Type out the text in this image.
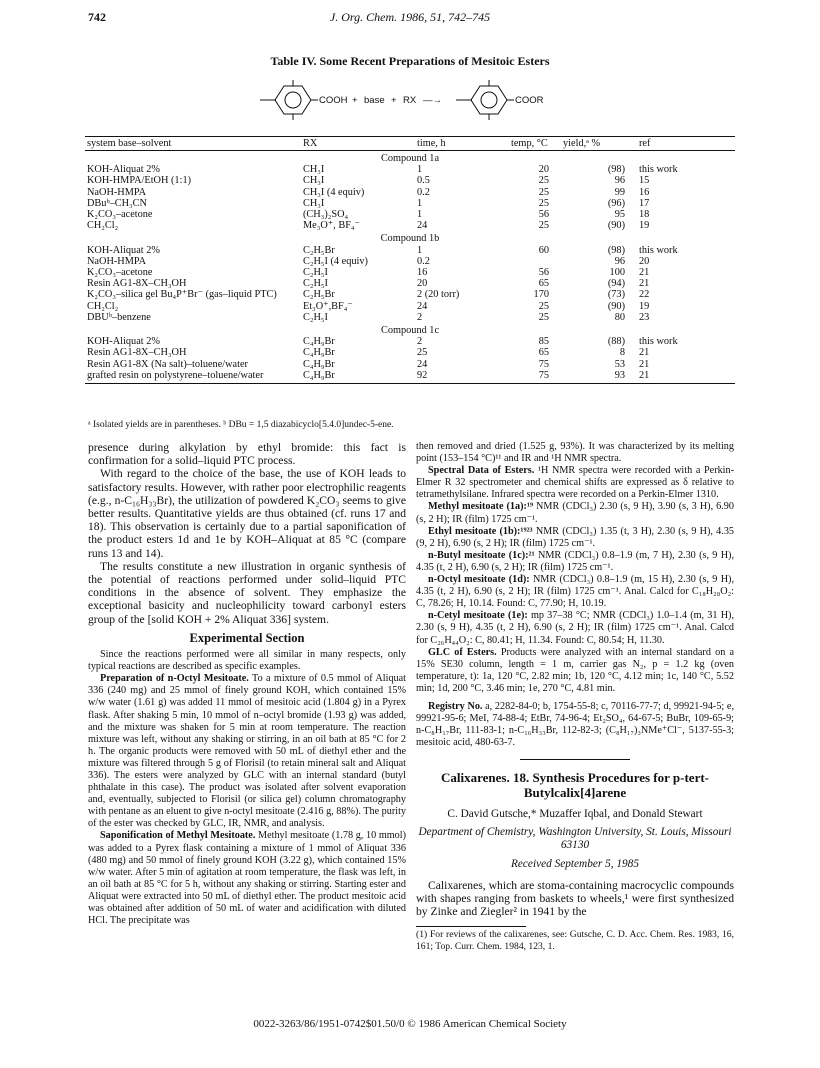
742	J. Org. Chem. 1986, 51, 742–745
Table IV. Some Recent Preparations of Mesitoic Esters
COOH + base + RX —→	COOR
system base–solvent	RX	time, h	temp, °C	yield,ᵃ %	ref
Compound 1a					
KOH-Aliquat 2%	CH₃I	1	20	(98)	this work
KOH-HMPA/EtOH (1:1)	CH₃I	0.5	25	96	15
NaOH-HMPA	CH₃I (4 equiv)	0.2	25	99	16
DBuᵇ–CH₃CN	CH₃I	1	25	(96)	17
K₂CO₃–acetone	(CH₃)₂SO₄	1	56	95	18
CH₂Cl₂	Me₃O⁺, BF₄⁻	24	25	(90)	19
Compound 1b					
KOH-Aliquat 2%	C₂H₅Br	1	60	(98)	this work
NaOH-HMPA	C₂H₅I (4 equiv)	0.2		96	20
K₂CO₃–acetone	C₂H₅I	16	56	100	21
Resin AG1-8X–CH₃OH	C₂H₅I	20	65	(94)	21
K₂CO₃–silica gel Bu₄P⁺Br⁻ (gas–liquid PTC)	C₂H₅Br	2 (20 torr)	170	(73)	22
CH₂Cl₂	Et₃O⁺,BF₄⁻	24	25	(90)	19
DBUᵇ–benzene	C₂H₅I	2	25	80	23
Compound 1c					
KOH-Aliquat 2%	C₄H₉Br	2	85	(88)	this work
Resin AG1-8X–CH₃OH	C₄H₉Br	25	65	8	21
Resin AG1-8X (Na salt)–toluene/water	C₄H₉Br	24	75	53	21
grafted resin on polystyrene–toluene/water	C₄H₉Br	92	75	93	21
ᵃ Isolated yields are in parentheses. ᵇ DBu = 1,5 diazabicyclo[5.4.0]undec-5-ene.

presence during alkylation by ethyl bromide: this fact is confirmation for a solid–liquid PTC process.

With regard to the choice of the base, the use of KOH leads to satisfactory results. However, with rather poor electrophilic reagents (e.g., n-C₁₆H₃₃Br), the utilization of powdered K₂CO₃ seems to give better results. Quantitative yields are thus obtained (cf. runs 17 and 18). This observation is certainly due to a partial saponification of the product esters 1d and 1e by KOH–Aliquat at 85 °C (compare runs 13 and 14).

The results constitute a new illustration in organic synthesis of the potential of reactions performed under solid–liquid PTC conditions in the absence of solvent. They emphasize the exceptional basicity and nucleophilicity toward carbonyl esters group of the [solid KOH + 2% Aliquat 336] system.

Experimental Section

Since the reactions performed were all similar in many respects, only typical reactions are described as specific examples.

Preparation of n-Octyl Mesitoate. To a mixture of 0.5 mmol of Aliquat 336 (240 mg) and 25 mmol of finely ground KOH, which contained 15% w/w water (1.61 g) was added 11 mmol of mesitoic acid (1.804 g) in a Pyrex flask. After shaking 5 min, 10 mmol of n–octyl bromide (1.93 g) was added, and the mixture was shaken for 5 min at room temperature. The reaction mixture was left, without any shaking or stirring, in an oil bath at 85 °C for 2 h. The organic products were removed with 50 mL of diethyl ether and the mixture was filtered through 5 g of Florisil (to retain mineral salt and Aliquat 336). The esters were analyzed by GLC with an internal standard (butyl phthalate in this case). The product was isolated after solvent evaporation and, eventually, subjected to Florisil (or silica gel) column chromatography with pentane as an eluent to give n-octyl mesitoate (2.416 g, 88%). The purity of the ester was checked by GLC, IR, NMR, and analysis.

Saponification of Methyl Mesitoate. Methyl mesitoate (1.78 g, 10 mmol) was added to a Pyrex flask containing a mixture of 1 mmol of Aliquat 336 (480 mg) and 50 mmol of finely ground KOH (3.22 g), which contained 15% w/w water. After 5 min of agitation at room temperature, the flask was left, in an oil bath at 85 °C for 5 h, without any shaking or stirring. Starting ester and Aliquat were extracted into 50 mL of diethyl ether. The product mesitoic acid was obtained after addition of 50 mL of water and acidification with diluted HCl. The precipitate was

then removed and dried (1.525 g, 93%). It was characterized by its melting point (153–154 °C)¹¹ and IR and ¹H NMR spectra.

Spectral Data of Esters. ¹H NMR spectra were recorded with a Perkin-Elmer R 32 spectrometer and chemical shifts are expressed as δ relative to tetramethylsilane. Infrared spectra were recorded on a Perkin-Elmer 1310.

Methyl mesitoate (1a):¹⁹ NMR (CDCl₃) 2.30 (s, 9 H), 3.90 (s, 3 H), 6.90 (s, 2 H); IR (film) 1725 cm⁻¹.

Ethyl mesitoate (1b):¹⁹²³ NMR (CDCl₃) 1.35 (t, 3 H), 2.30 (s, 9 H), 4.35 (9, 2 H), 6.90 (s, 2 H); IR (film) 1725 cm⁻¹.

n-Butyl mesitoate (1c):²¹ NMR (CDCl₃) 0.8–1.9 (m, 7 H), 2.30 (s, 9 H), 4.35 (t, 2 H), 6.90 (s, 2 H); IR (film) 1725 cm⁻¹.

n-Octyl mesitoate (1d): NMR (CDCl₃) 0.8–1.9 (m, 15 H), 2.30 (s, 9 H), 4.35 (t, 2 H), 6.90 (s, 2 H); IR (film) 1725 cm⁻¹. Anal. Calcd for C₁₈H₂₈O₂: C, 78.26; H, 10.14. Found: C, 77.90; H, 10.19.

n-Cetyl mesitoate (1e): mp 37–38 °C; NMR (CDCl₃) 1.0–1.4 (m, 31 H), 2.30 (s, 9 H), 4.35 (t, 2 H), 6.90 (s, 2 H); IR (film) 1725 cm⁻¹. Anal. Calcd for C₂₆H₄₄O₂: C, 80.41; H, 11.34. Found: C, 80.54; H, 11.30.

GLC of Esters. Products were analyzed with an internal standard on a 15% SE30 column, length = 1 m, carrier gas N₂, p = 1.2 kg (oven temperature, t): 1a, 120 °C, 2.82 min; 1b, 120 °C, 4.12 min; 1c, 140 °C, 5.52 min; 1d, 200 °C, 3.46 min; 1e, 270 °C, 4.81 min.

Registry No. a, 2282-84-0; b, 1754-55-8; c, 70116-77-7; d, 99921-94-5; e, 99921-95-6; MeI, 74-88-4; EtBr, 74-96-4; Et₂SO₄, 64-67-5; BuBr, 109-65-9; n-C₈H₁₇Br, 111-83-1; n-C₁₆H₃₃Br, 112-82-3; (C₈H₁₇)₃NMe⁺Cl⁻, 5137-55-3; mesitoic acid, 480-63-7.

Calixarenes. 18. Synthesis Procedures for p-tert-Butylcalix[4]arene
C. David Gutsche,* Muzaffer Iqbal, and Donald Stewart
Department of Chemistry, Washington University, St. Louis, Missouri 63130
Received September 5, 1985

Calixarenes, which are stoma-containing macrocyclic compounds with shapes ranging from baskets to wheels,¹ were first synthesized by Zinke and Ziegler² in 1941 by the

(1) For reviews of the calixarenes, see: Gutsche, C. D. Acc. Chem. Res. 1983, 16, 161; Top. Curr. Chem. 1984, 123, 1.

0022-3263/86/1951-0742$01.50/0 © 1986 American Chemical Society
